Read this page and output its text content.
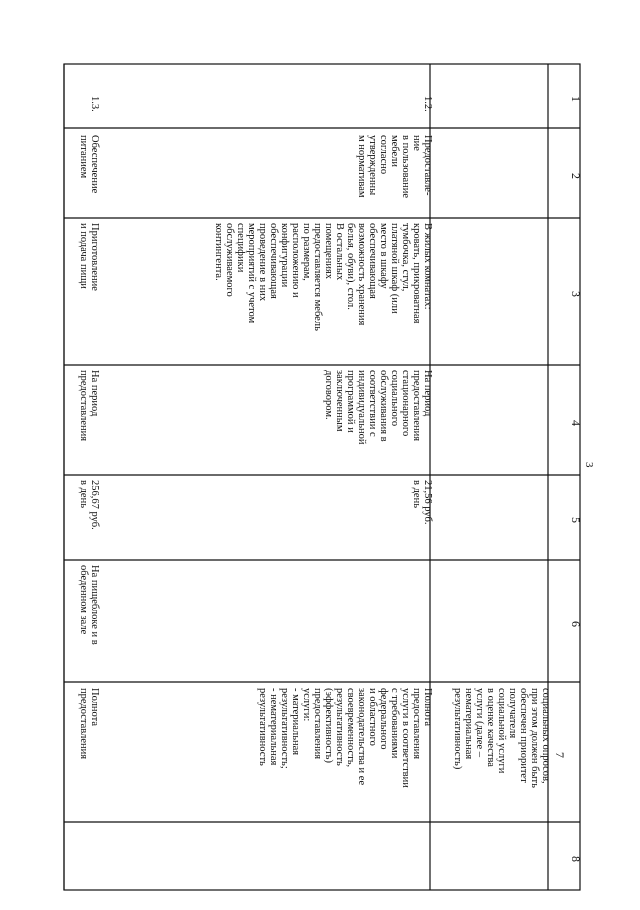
3
1
2
3
4
5
6
7
8
социальных опросов,
при этом должен быть
обеспечен приоритет
получателя
социальной услуги
в оценке качества
услуги (далее –
нематериальная
результативность)
1.2.
Предоставле-
ние
в пользование
мебели
согласно
утвержденны
м нормативам
В жилых комнатах:
кровать, прикроватная
тумбочка, стул,
платяной шкаф (или
место в шкафу
обеспечивающая
возможность хранения
белья, обуви), стол.
В остальных
помещениях
предоставляется мебель
по размерам,
расположению и
конфигурации
обеспечивающая
проведение в них
мероприятий с учетом
специфики
обслуживаемого
контингента.
На период
предоставления
стационарного
социального
обслуживания в
соответствии с
индивидуальной
программой и
заключенным
договором.
21,56 руб.
в день
Полнота
предоставления
услуги в соответствии
с требованиями
федерального
и областного
законодательства и ее
своевременность,
результативность
(эффективность)
предоставления
услуги:
- материальная
результативность;
- нематериальная
результативность
1.3.
Обеспечение
питанием
Приготовление
и подача пищи
На период
предоставления
256,67 руб.
в день
На пищеблоке и в
обеденном зале
Полнота
предоставления
